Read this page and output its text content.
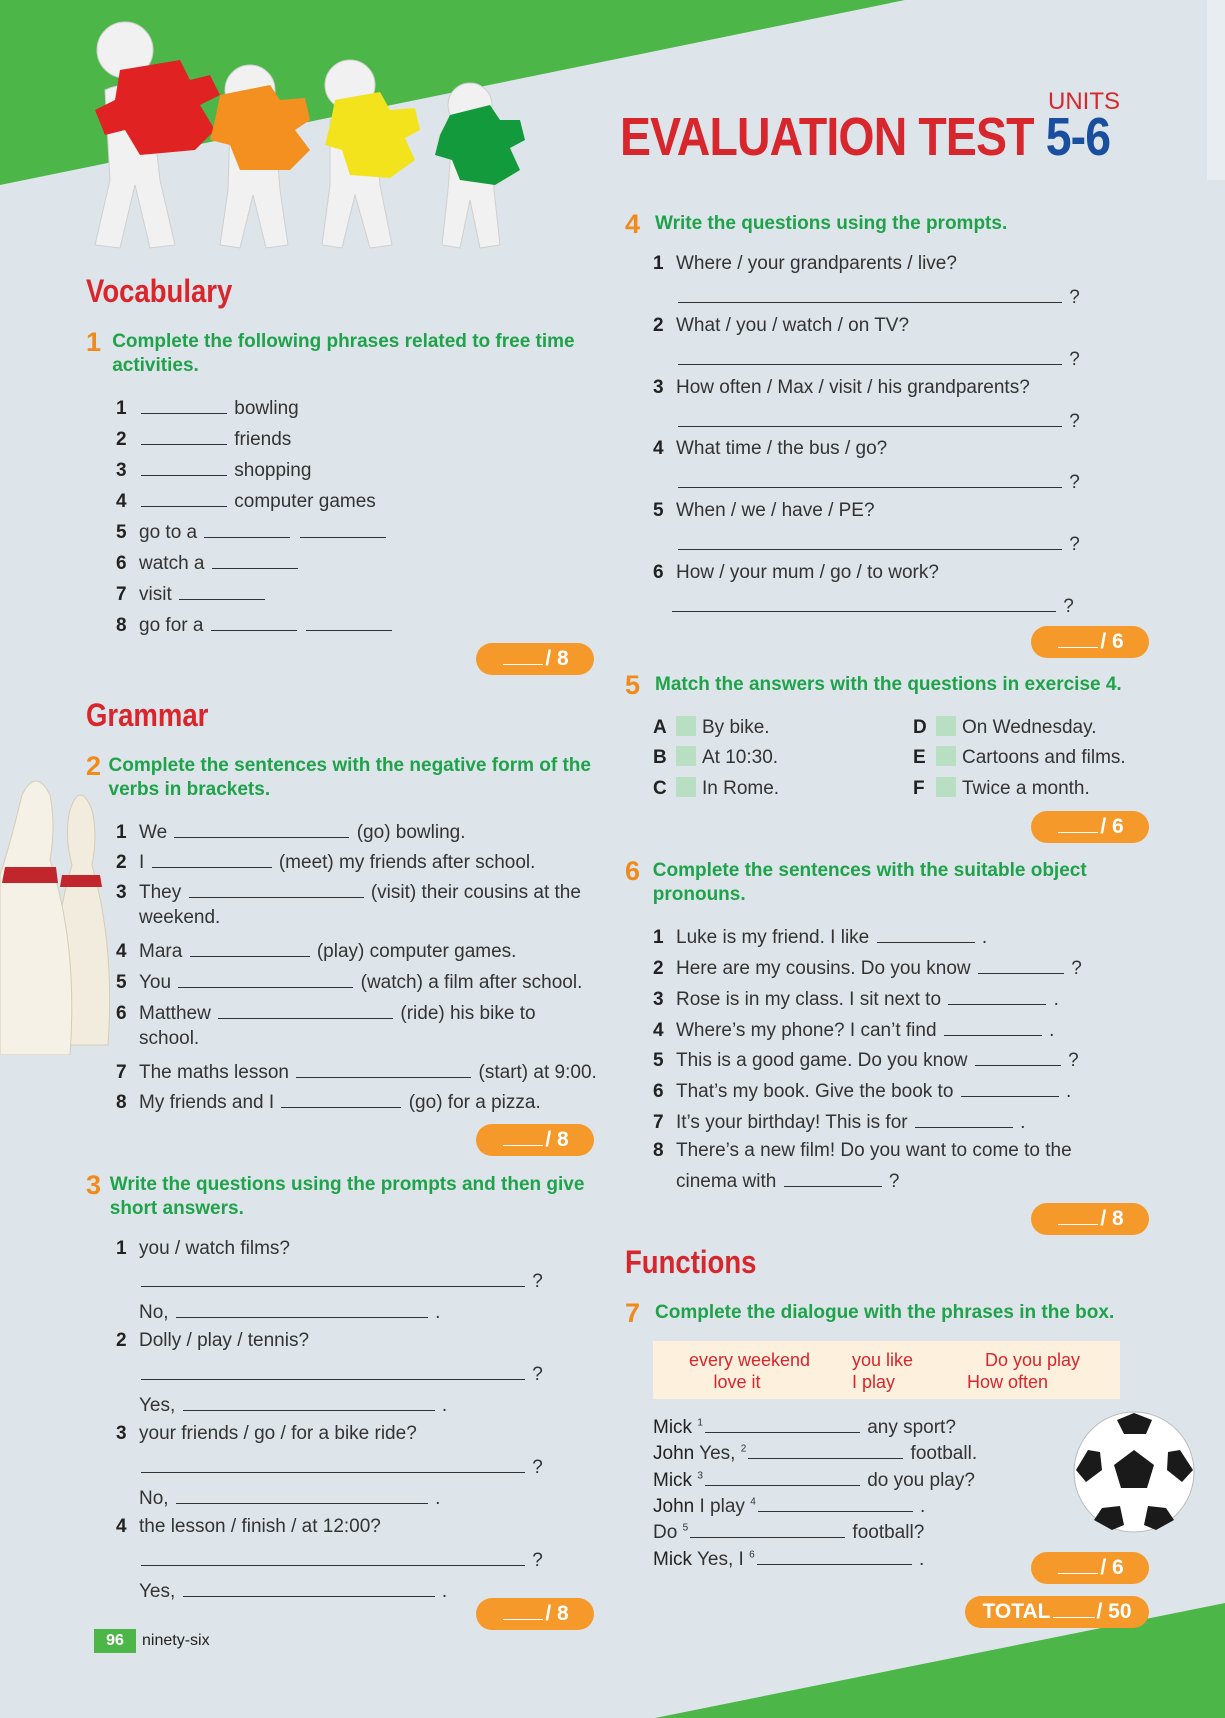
UNITS
EVALUATION TEST 5-6
Vocabulary
1 Complete the following phrases related to free time activities.
1	bowling
2	friends
3	shopping
4	computer games
5 go to a
6 watch a
7 visit
8 go for a
/ 8
Grammar
2 Complete the sentences with the negative form of the verbs in brackets.
1 We	(go) bowling.
2 I	(meet) my friends after school.
3 They	(visit) their cousins at the
weekend.
4 Mara	(play) computer games.
5 You	(watch) a film after school.
6 Matthew	(ride) his bike to
school.
7 The maths lesson	(start) at 9:00.
8 My friends and I	(go) for a pizza.
/ 8
3 Write the questions using the prompts and then give short answers.
1 you / watch films?
?
No,	.
2 Dolly / play / tennis?
?
Yes,	.
3 your friends / go / for a bike ride?
?
No,	.
4 the lesson / finish / at 12:00?
?
Yes,	.
/ 8
4 Write the questions using the prompts.
1 Where / your grandparents / live?
?
2 What / you / watch / on TV?
?
3 How often / Max / visit / his grandparents?
?
4 What time / the bus / go?
?
5 When / we / have / PE?
?
6 How / your mum / go / to work?
?
/ 6
5 Match the answers with the questions in exercise 4.
A By bike.
B At 10:30.
C In Rome.
D On Wednesday.
E Cartoons and films.
F Twice a month.
/ 6
6 Complete the sentences with the suitable object pronouns.
1 Luke is my friend. I like	.
2 Here are my cousins. Do you know	?
3 Rose is in my class. I sit next to	.
4 Where’s my phone? I can’t find	.
5 This is a good game. Do you know	?
6 That’s my book. Give the book to	.
7 It’s your birthday! This is for	.
8 There’s a new film! Do you want to come to the
cinema with	?
/ 8
Functions
7 Complete the dialogue with the phrases in the box.
every weekend
love it
you like
I play
Do you play
How often
Mick $^1$	any sport?
John Yes, $^2$	football.
Mick $^3$	do you play?
John I play $^4$	.
Do $^5$	football?
Mick Yes, I $^6$	.	/ 6
TOTAL / 50
96	ninety-six
